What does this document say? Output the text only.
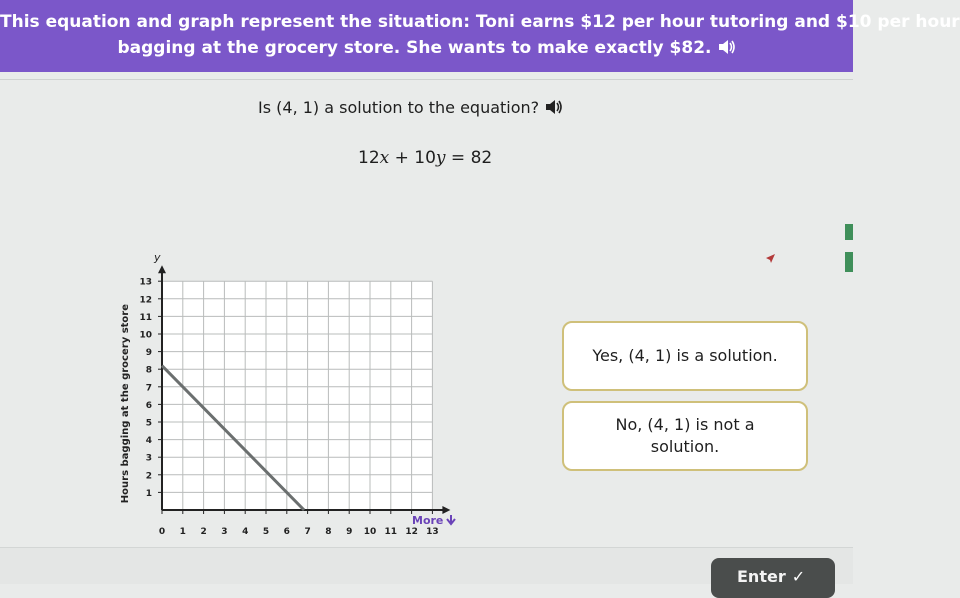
This equation and graph represent the situation: Toni earns $12 per hour tutoring and $10 per hour
bagging at the grocery store. She wants to make exactly $82.
Is (4, 1) a solution to the equation?
12x + 10y = 82
y
1
2
3
4
5
6
7
8
9
10
11
12
13
0 1 2 3 4 5 6 7 8 9 10 11 12 13
Hours bagging at the grocery store
More
Yes, (4, 1) is a solution.
No, (4, 1) is not a solution.
Enter ✓
